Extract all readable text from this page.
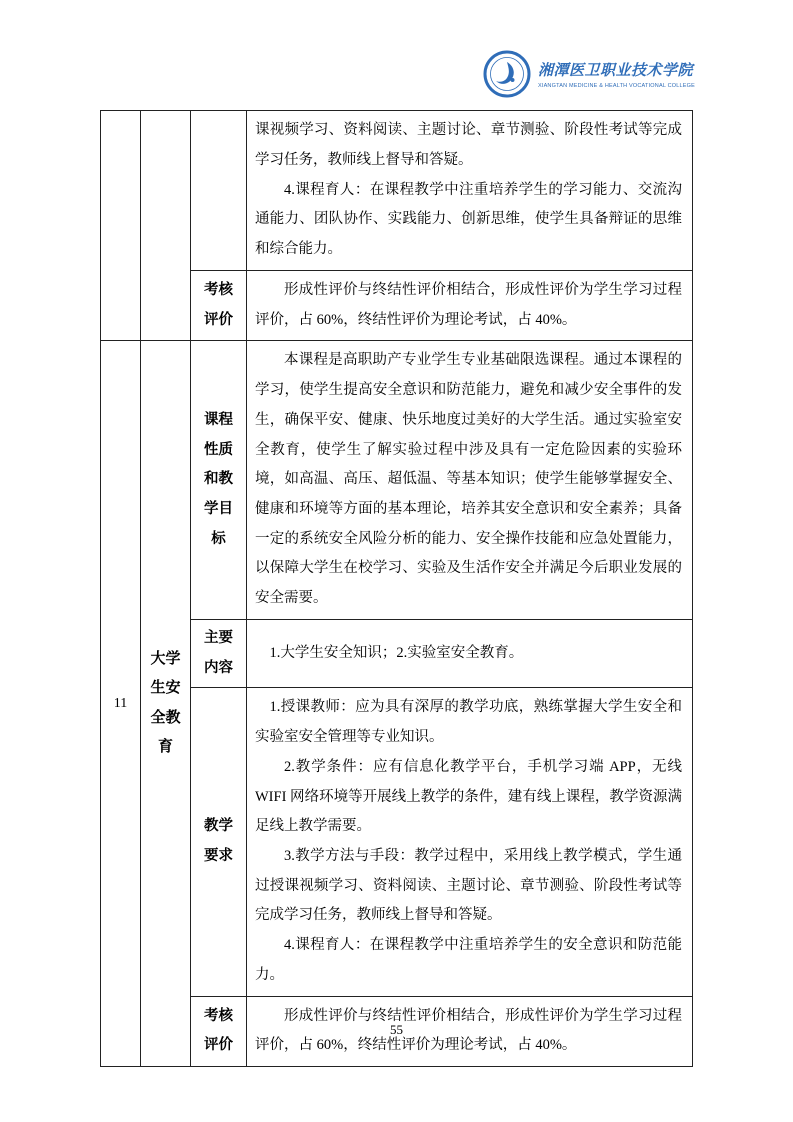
湘潭医卫职业技术学院
XIANGTAN MEDICINE & HEALTH VOCATIONAL COLLEGE

			课视频学习、资料阅读、主题讨论、章节测验、阶段性考试等完成学习任务，教师线上督导和答疑。

4.课程育人：在课程教学中注重培养学生的学习能力、交流沟通能力、团队协作、实践能力、创新思维，使学生具备辩证的思维和综合能力。

		考核评价	形成性评价与终结性评价相结合，形成性评价为学生学习过程评价，占 60%，终结性评价为理论考试，占 40%。

11	大学生安全教育	课程性质和教学目标	本课程是高职助产专业学生专业基础限选课程。通过本课程的学习，使学生提高安全意识和防范能力，避免和减少安全事件的发生，确保平安、健康、快乐地度过美好的大学生活。通过实验室安全教育，使学生了解实验过程中涉及具有一定危险因素的实验环境，如高温、高压、超低温、等基本知识；使学生能够掌握安全、健康和环境等方面的基本理论，培养其安全意识和安全素养；具备一定的系统安全风险分析的能力、安全操作技能和应急处置能力，以保障大学生在校学习、实验及生活作安全并满足今后职业发展的安全需要。

		主要内容	1.大学生安全知识；2.实验室安全教育。

		教学要求	1.授课教师：应为具有深厚的教学功底，熟练掌握大学生安全和实验室安全管理等专业知识。

2.教学条件：应有信息化教学平台，手机学习端 APP，无线 WIFI 网络环境等开展线上教学的条件，建有线上课程，教学资源满足线上教学需要。

3.教学方法与手段：教学过程中，采用线上教学模式，学生通过授课视频学习、资料阅读、主题讨论、章节测验、阶段性考试等完成学习任务，教师线上督导和答疑。

4.课程育人：在课程教学中注重培养学生的安全意识和防范能力。

		考核评价	形成性评价与终结性评价相结合，形成性评价为学生学习过程评价，占 60%，终结性评价为理论考试，占 40%。

55
